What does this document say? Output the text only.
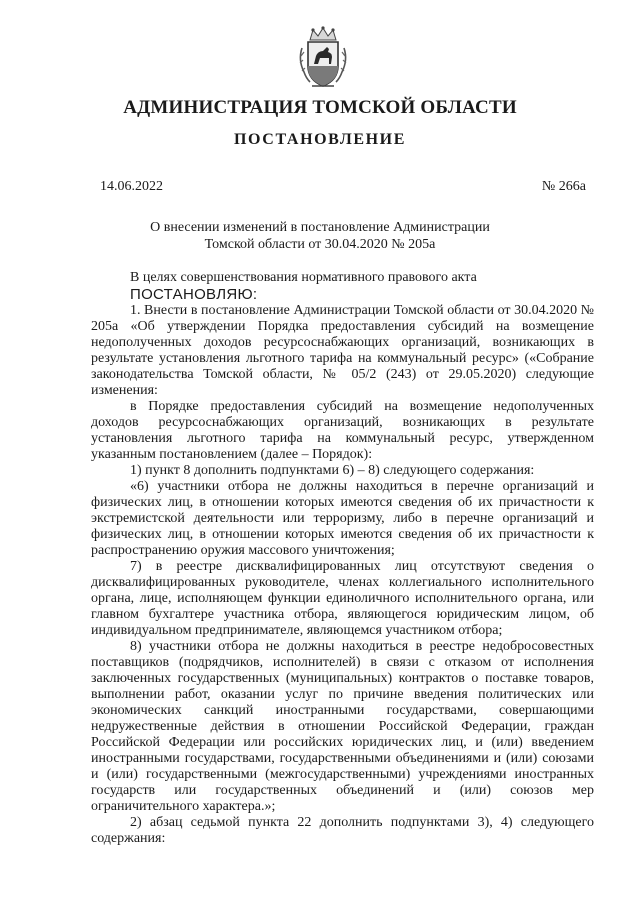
АДМИНИСТРАЦИЯ ТОМСКОЙ ОБЛАСТИ
ПОСТАНОВЛЕНИЕ
14.06.2022	№ 266а
О внесении изменений в постановление Администрации
Томской области от 30.04.2020 № 205а

В целях совершенствования нормативного правового акта

ПОСТАНОВЛЯЮ:

1. Внести в постановление Администрации Томской области от 30.04.2020 № 205а «Об утверждении Порядка предоставления субсидий на возмещение недополученных доходов ресурсоснабжающих организаций, возникающих в результате установления льготного тарифа на коммунальный ресурс» («Собрание законодательства Томской области, № 05/2 (243) от 29.05.2020) следующие изменения:

в Порядке предоставления субсидий на возмещение недополученных доходов ресурсоснабжающих организаций, возникающих в результате установления льготного тарифа на коммунальный ресурс, утвержденном указанным постановлением (далее – Порядок):

1) пункт 8 дополнить подпунктами 6) – 8) следующего содержания:

«6) участники отбора не должны находиться в перечне организаций и физических лиц, в отношении которых имеются сведения об их причастности к экстремистской деятельности или терроризму, либо в перечне организаций и физических лиц, в отношении которых имеются сведения об их причастности к распространению оружия массового уничтожения;

7) в реестре дисквалифицированных лиц отсутствуют сведения о дисквалифицированных руководителе, членах коллегиального исполнительного органа, лице, исполняющем функции единоличного исполнительного органа, или главном бухгалтере участника отбора, являющегося юридическим лицом, об индивидуальном предпринимателе, являющемся участником отбора;

8) участники отбора не должны находиться в реестре недобросовестных поставщиков (подрядчиков, исполнителей) в связи с отказом от исполнения заключенных государственных (муниципальных) контрактов о поставке товаров, выполнении работ, оказании услуг по причине введения политических или экономических санкций иностранными государствами, совершающими недружественные действия в отношении Российской Федерации, граждан Российской Федерации или российских юридических лиц, и (или) введением иностранными государствами, государственными объединениями и (или) союзами и (или) государственными (межгосударственными) учреждениями иностранных государств или государственных объединений и (или) союзов мер ограничительного характера.»;

2) абзац седьмой пункта 22 дополнить подпунктами 3), 4) следующего содержания:
